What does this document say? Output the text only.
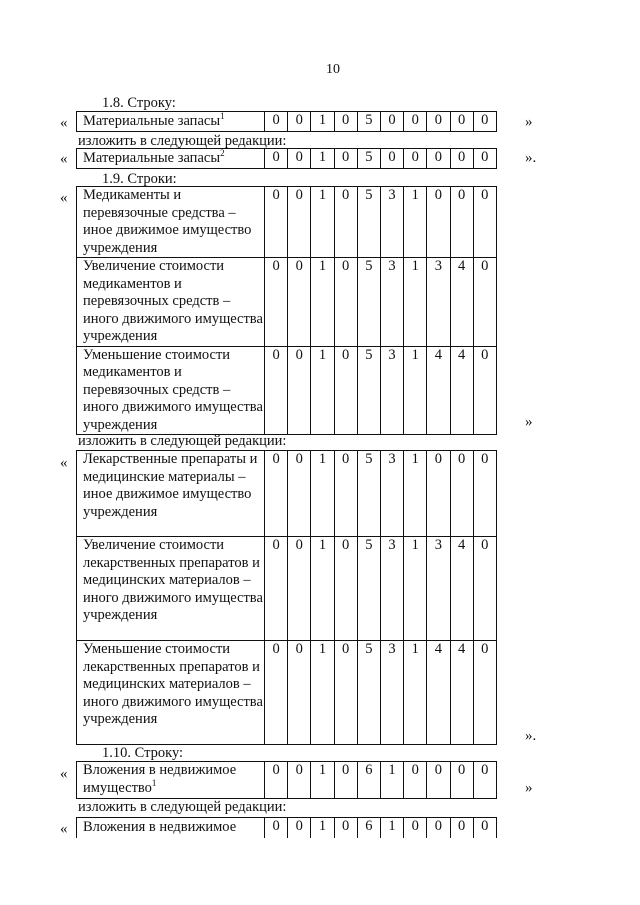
10
1.8. Строку:
« Материальные запасы$^1$	0	0	1	0	5	0	0	0	0	0 »
изложить в следующей редакции:
« Материальные запасы$^2$	0	0	1	0	5	0	0	0	0	0 ».
1.9. Строки:
« Медикаменты и перевязочные средства – иное движимое имущество учреждения	0	0	1	0	5	3	1	0	0	0
Увеличение стоимости медикаментов и перевязочных средств – иного движимого имущества учреждения	0	0	1	0	5	3	1	3	4	0
Уменьшение стоимости медикаментов и перевязочных средств – иного движимого имущества учреждения	0	0	1	0	5	3	1	4	4	0
»
изложить в следующей редакции:
« Лекарственные препараты и медицинские материалы – иное движимое имущество учреждения	0	0	1	0	5	3	1	0	0	0
Увеличение стоимости лекарственных препаратов и медицинских материалов – иного движимого имущества учреждения	0	0	1	0	5	3	1	3	4	0
Уменьшение стоимости лекарственных препаратов и медицинских материалов – иного движимого имущества учреждения	0	0	1	0	5	3	1	4	4	0
».
1.10. Строку:
« Вложения в недвижимое имущество$^1$	0	0	1	0	6	1	0	0	0	0
»
изложить в следующей редакции:
« Вложения в недвижимое	0	0	1	0	6	1	0	0	0	0
